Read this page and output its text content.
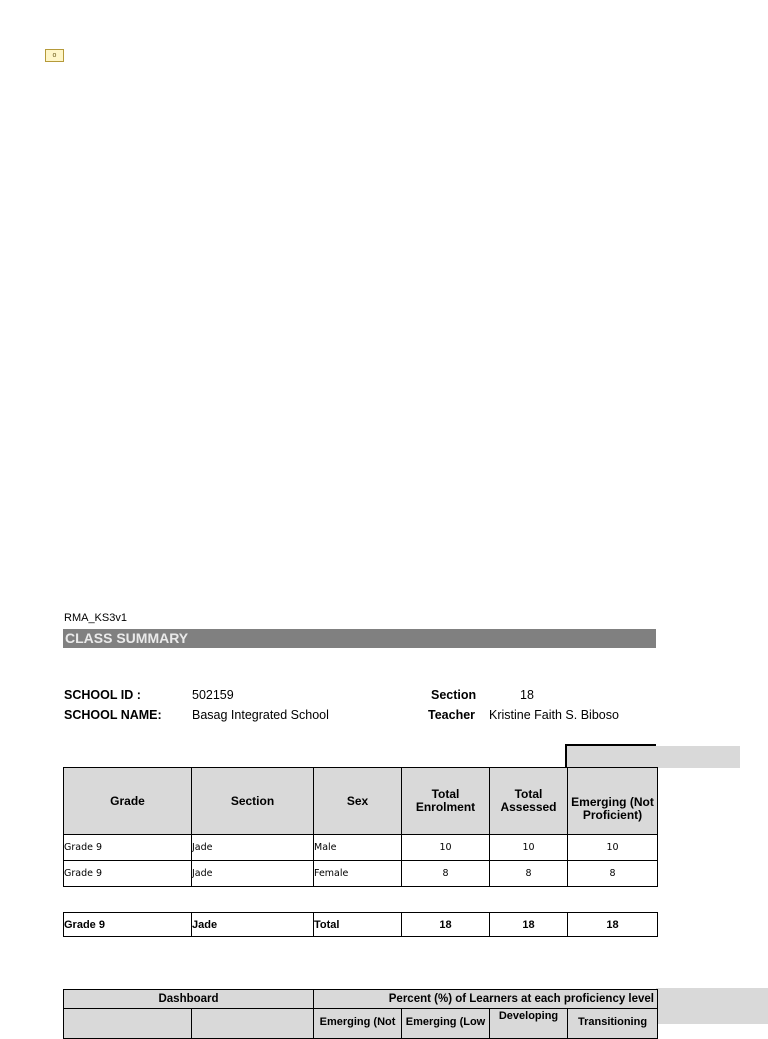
o
RMA_KS3v1
CLASS SUMMARY
SCHOOL ID :	502159
SCHOOL NAME: Basag Integrated School
Section	18
Teacher Kristine Faith S. Biboso
Grade	Section	Sex	Total Enrolment	Total Assessed	Emerging (Not Proficient)
Grade 9	Jade	Male	10	10	10
Grade 9	Jade	Female	8	8	8
Grade 9	Jade	Total	18	18	18
Dashboard		Percent (%) of Learners at each proficiency level			
		Emerging (Not	Emerging (Low	Developing	Transitioning
